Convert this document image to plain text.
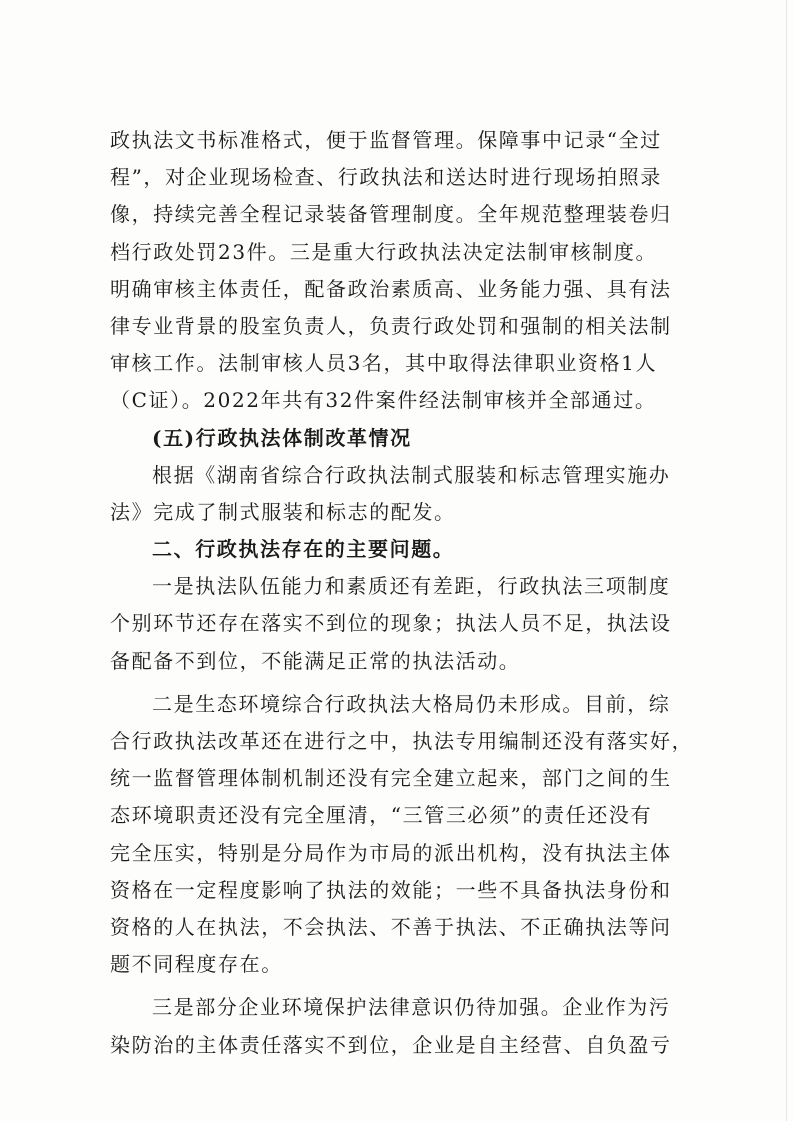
政执法文书标准格式，便于监督管理。保障事中记录“全过
程”，对企业现场检查、行政执法和送达时进行现场拍照录
像，持续完善全程记录装备管理制度。全年规范整理装卷归
档行政处罚23件。三是重大行政执法决定法制审核制度。
明确审核主体责任，配备政治素质高、业务能力强、具有法
律专业背景的股室负责人，负责行政处罚和强制的相关法制
审核工作。法制审核人员3名，其中取得法律职业资格1人
（C证）。2022年共有32件案件经法制审核并全部通过。
(五)行政执法体制改革情况
根据《湖南省综合行政执法制式服装和标志管理实施办
法》完成了制式服装和标志的配发。
二、行政执法存在的主要问题。
一是执法队伍能力和素质还有差距，行政执法三项制度
个别环节还存在落实不到位的现象；执法人员不足，执法设
备配备不到位，不能满足正常的执法活动。
二是生态环境综合行政执法大格局仍未形成。目前，综
合行政执法改革还在进行之中，执法专用编制还没有落实好，
统一监督管理体制机制还没有完全建立起来，部门之间的生
态环境职责还没有完全厘清，“三管三必须”的责任还没有
完全压实，特别是分局作为市局的派出机构，没有执法主体
资格在一定程度影响了执法的效能；一些不具备执法身份和
资格的人在执法，不会执法、不善于执法、不正确执法等问
题不同程度存在。
三是部分企业环境保护法律意识仍待加强。企业作为污
染防治的主体责任落实不到位，企业是自主经营、自负盈亏
